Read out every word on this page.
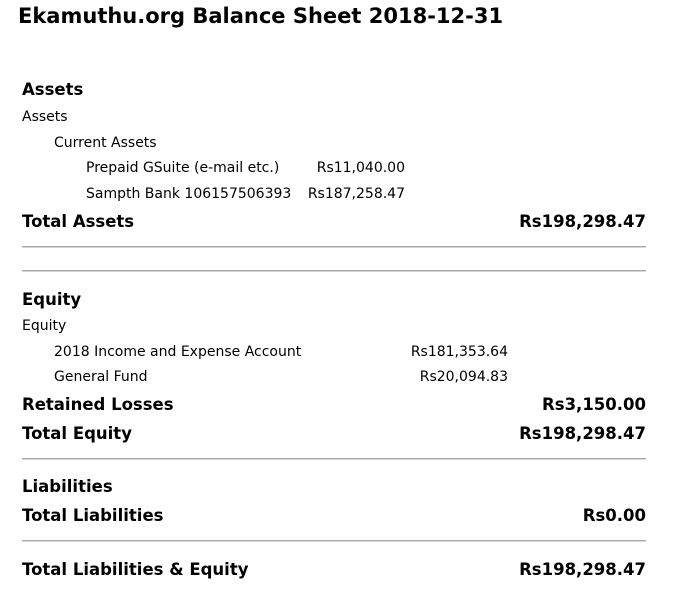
Ekamuthu.org Balance Sheet 2018-12-31
Assets
Assets
Current Assets
Prepaid GSuite (e-mail etc.)	Rs11,040.00
Sampth Bank 106157506393	Rs187,258.47
Total Assets	Rs198,298.47
Equity
Equity
2018 Income and Expense Account	Rs181,353.64
General Fund	Rs20,094.83
Retained Losses	Rs3,150.00
Total Equity	Rs198,298.47
Liabilities
Total Liabilities	Rs0.00
Total Liabilities & Equity	Rs198,298.47
